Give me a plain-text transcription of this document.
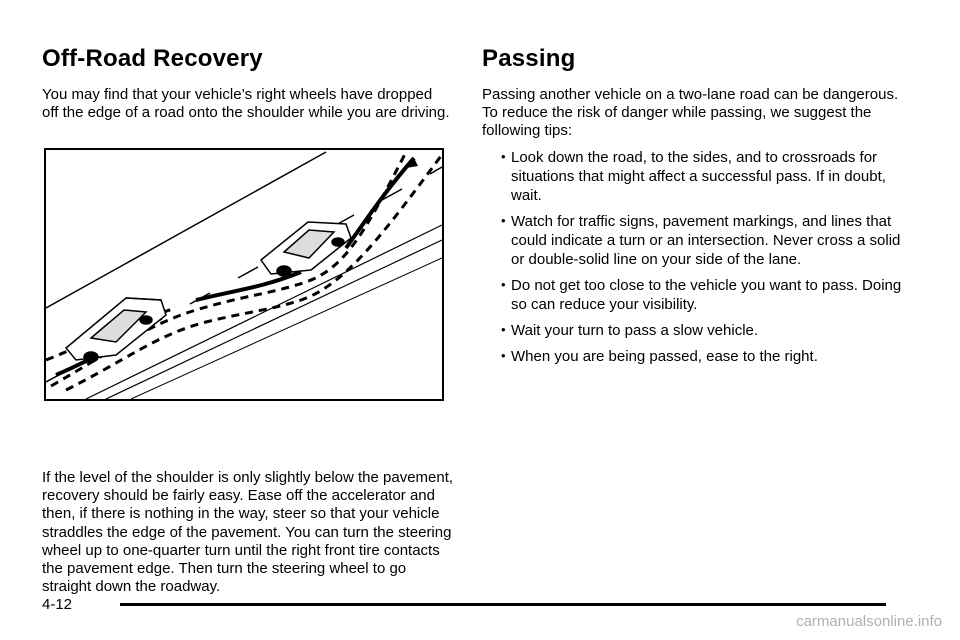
Off-Road Recovery

You may find that your vehicle’s right wheels have dropped off the edge of a road onto the shoulder while you are driving.

If the level of the shoulder is only slightly below the pavement, recovery should be fairly easy. Ease off the accelerator and then, if there is nothing in the way, steer so that your vehicle straddles the edge of the pavement. You can turn the steering wheel up to one-quarter turn until the right front tire contacts the pavement edge. Then turn the steering wheel to go straight down the roadway.

Passing

Passing another vehicle on a two-lane road can be dangerous. To reduce the risk of danger while passing, we suggest the following tips:

• Look down the road, to the sides, and to crossroads for situations that might affect a successful pass. If in doubt, wait.
• Watch for traffic signs, pavement markings, and lines that could indicate a turn or an intersection. Never cross a solid or double-solid line on your side of the lane.
• Do not get too close to the vehicle you want to pass. Doing so can reduce your visibility.
• Wait your turn to pass a slow vehicle.
• When you are being passed, ease to the right.
4-12
carmanualsonline.info
